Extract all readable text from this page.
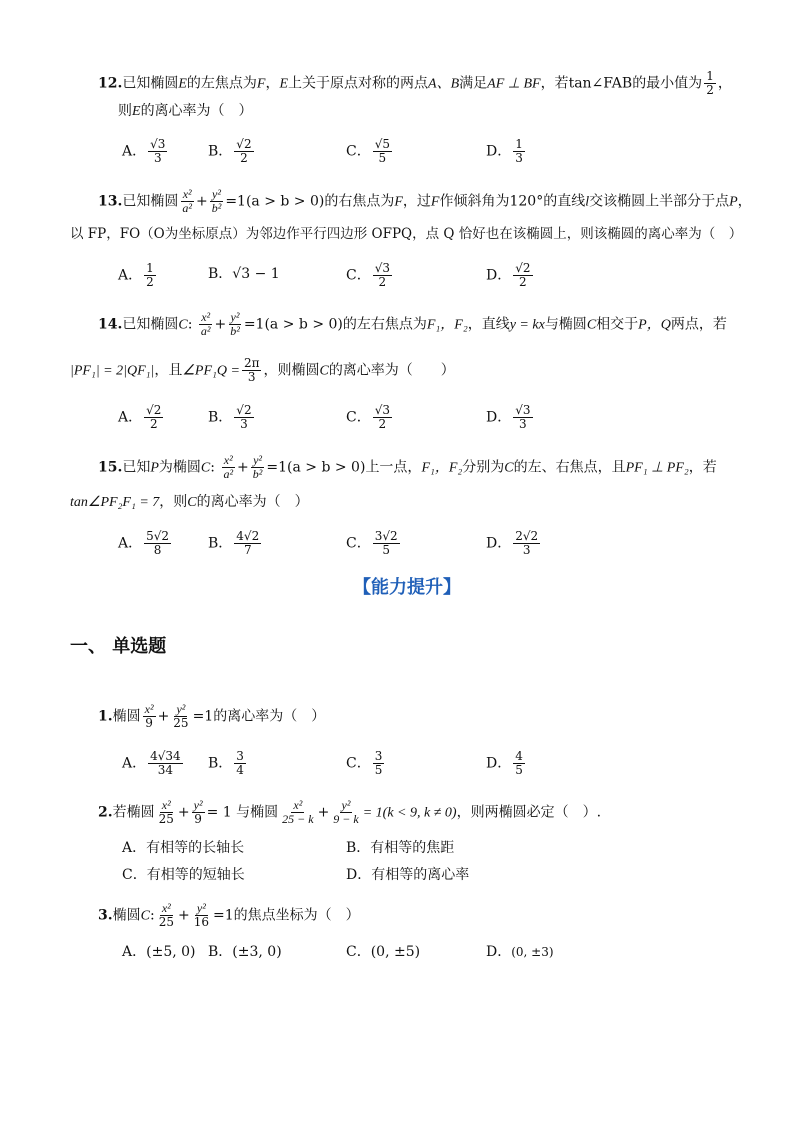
12.已知椭圆E的左焦点为F，E上关于原点对称的两点A、B满足AF ⊥ BF，若tan∠FAB的最小值为 $\frac{1}{2}$ ，
则E的离心率为（　）
A． $\frac{√3}{3}$	B． $\frac{√2}{2}$	C． $\frac{√5}{5}$	D． $\frac{1}{3}$
13.已知椭圆 $\frac{\text{x²}}{\text{a²}} + \frac{\text{y²}}{\text{b²}} =1(a > b > 0)$的右焦点为F，过F作倾斜角为120°的直线l交该椭圆上半部分于点P，
以 FP，FO（O为坐标原点）为邻边作平行四边形 OFPQ，点 Q 恰好也在该椭圆上，则该椭圆的离心率为（　）
A． $\frac{1}{2}$	B．√3 − 1	C． $\frac{√3}{2}$	D． $\frac{√2}{2}$
14.已知椭圆C: $\frac{\text{x²}}{\text{a²}} + \frac{\text{y²}}{\text{b²}} =1(a > b > 0)$的左右焦点为F₁，F₂，直线y = kx与椭圆C相交于P，Q两点，若
|PF₁| = 2|QF₁|，且∠PF₁Q = $\frac{2\pi}{3}$ ，则椭圆C的离心率为（　　）
A． $\frac{√2}{2}$	B． $\frac{√2}{3}$	C． $\frac{√3}{2}$	D． $\frac{√3}{3}$
15.已知P为椭圆C: $\frac{\text{x²}}{\text{a²}} + \frac{\text{y²}}{\text{b²}} =1(a > b > 0)$上一点，F₁，F₂分别为C的左、右焦点，且PF₁ ⊥ PF₂，若
tan∠PF₂F₁ = 7，则C的离心率为（　）
A． $\frac{5√2}{8}$	B． $\frac{4√2}{7}$	C． $\frac{3√2}{5}$	D． $\frac{2√2}{3}$
【能力提升】
一、 单选题
1.椭圆 $\frac{\text{x²}}{9} + \frac{\text{y²}}{25} =1$的离心率为（　）
A． $\frac{4√34}{34}$ B． $\frac{3}{4}$	C． $\frac{3}{5}$	D． $\frac{4}{5}$
2.若椭圆 $\frac{\text{x²}}{25} + \frac{\text{y²}}{9} = 1$ 与椭圆 $\frac{\text{x²}}{25 - k} + \frac{\text{y²}}{9 - k} = 1(k < 9$, k ≠ 0)，则两椭圆必定（　）.
A．有相等的长轴长	B．有相等的焦距
C．有相等的短轴长	D．有相等的离心率
3.椭圆C: $\frac{\text{x²}}{25} + \frac{\text{y²}}{16} =1$的焦点坐标为（　）
A．(±5, 0) B．(±3, 0)	C．(0, ±5)	D．(0, ±3)
